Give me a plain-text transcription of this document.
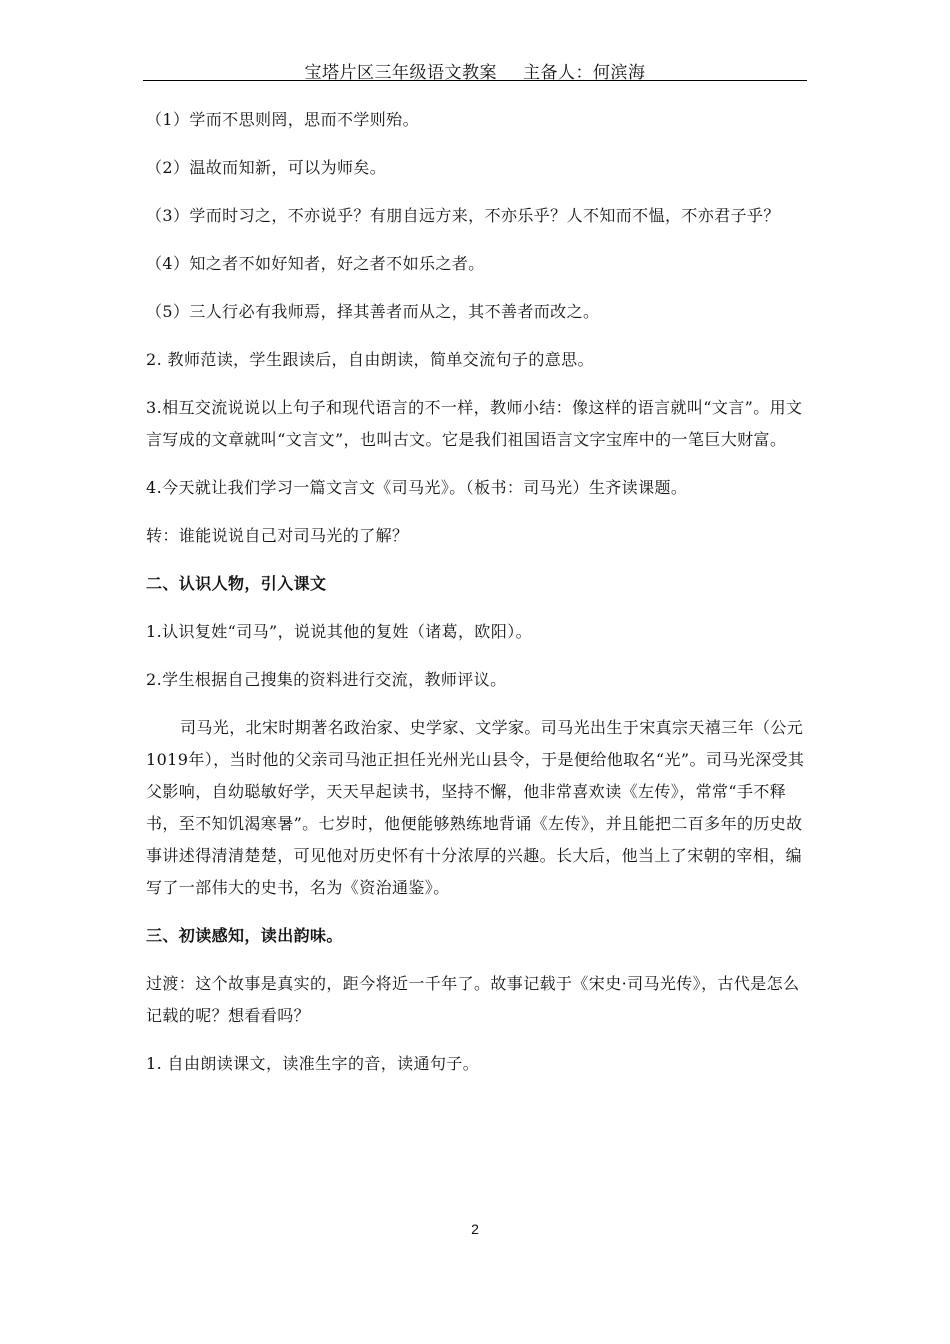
宝塔片区三年级语文教案 主备人：何滨海

（1）学而不思则罔，思而不学则殆。

（2）温故而知新，可以为师矣。

（3）学而时习之，不亦说乎？有朋自远方来，不亦乐乎？人不知而不愠，不亦君子乎？

（4）知之者不如好知者，好之者不如乐之者。

（5）三人行必有我师焉，择其善者而从之，其不善者而改之。

2. 教师范读，学生跟读后，自由朗读，简单交流句子的意思。

3.相互交流说说以上句子和现代语言的不一样，教师小结：像这样的语言就叫“文言”。用文言写成的文章就叫“文言文”，也叫古文。它是我们祖国语言文字宝库中的一笔巨大财富。

4.今天就让我们学习一篇文言文《司马光》。（板书：司马光）生齐读课题。

转：谁能说说自己对司马光的了解？

二、认识人物，引入课文

1.认识复姓“司马”，说说其他的复姓（诸葛，欧阳）。

2.学生根据自己搜集的资料进行交流，教师评议。

司马光，北宋时期著名政治家、史学家、文学家。司马光出生于宋真宗天禧三年（公元1019年），当时他的父亲司马池正担任光州光山县令，于是便给他取名“光”。司马光深受其父影响，自幼聪敏好学，天天早起读书，坚持不懈，他非常喜欢读《左传》，常常“手不释书，至不知饥渴寒暑”。七岁时，他便能够熟练地背诵《左传》，并且能把二百多年的历史故事讲述得清清楚楚，可见他对历史怀有十分浓厚的兴趣。长大后，他当上了宋朝的宰相，编写了一部伟大的史书，名为《资治通鉴》。

三、初读感知，读出韵味。

过渡：这个故事是真实的，距今将近一千年了。故事记载于《宋史·司马光传》，古代是怎么记载的呢？想看看吗？

1. 自由朗读课文，读准生字的音，读通句子。

2
